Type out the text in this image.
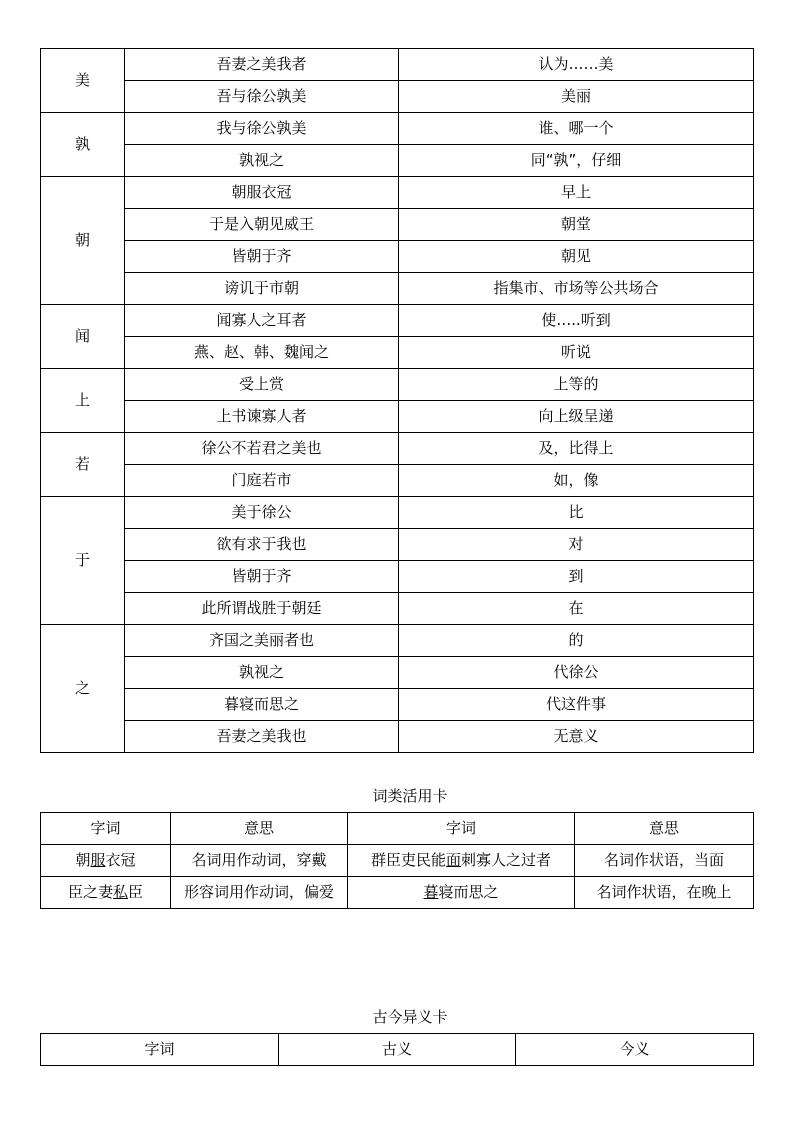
美	吾妻之美我者	认为……美
	吾与徐公孰美	美丽
孰	我与徐公孰美	谁、哪一个
	孰视之	同“孰”，仔细
朝	朝服衣冠	早上
	于是入朝见威王	朝堂
	皆朝于齐	朝见
	谤讥于市朝	指集市、市场等公共场合
闻	闻寡人之耳者	使…..听到
	燕、赵、韩、魏闻之	听说
上	受上赏	上等的
	上书谏寡人者	向上级呈递
若	徐公不若君之美也	及，比得上
	门庭若市	如，像
于	美于徐公	比
	欲有求于我也	对
	皆朝于齐	到
	此所谓战胜于朝廷	在
之	齐国之美丽者也	的
	孰视之	代徐公
	暮寝而思之	代这件事
	吾妻之美我也	无意义
词类活用卡
字词	意思	字词	意思
朝服衣冠	名词用作动词，穿戴	群臣吏民能面刺寡人之过者	名词作状语，当面
臣之妻私臣	形容词用作动词，偏爱	暮寝而思之	名词作状语，在晚上
古今异义卡
字词	古义	今义
